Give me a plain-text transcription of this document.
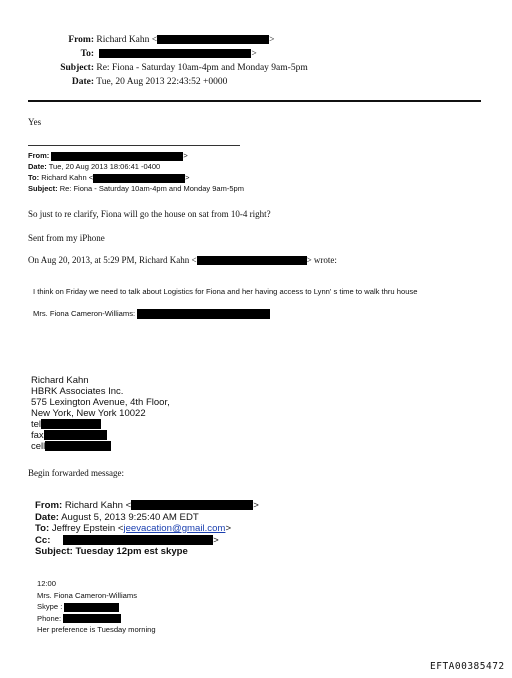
From: Richard Kahn <	>
To:	>
Subject: Re: Fiona - Saturday 10am-4pm and Monday 9am-5pm
Date: Tue, 20 Aug 2013 22:43:52 +0000
Yes
From:	>
Date: Tue, 20 Aug 2013 18:06:41 -0400
To: Richard Kahn <	>
Subject: Re: Fiona - Saturday 10am-4pm and Monday 9am-5pm
So just to re clarify, Fiona will go the house on sat from 10-4 right?
Sent from my iPhone
On Aug 20, 2013, at 5:29 PM, Richard Kahn <	> wrote:
I think on Friday we need to talk about Logistics for Fiona and her having access to Lynn' s time to walk thru house
Mrs. Fiona Cameron-Williams:
Richard Kahn
HBRK Associates Inc.
575 Lexington Avenue, 4th Floor,
New York, New York 10022
tel
fax
cell
Begin forwarded message:
From: Richard Kahn <	>
Date: August 5, 2013 9:25:40 AM EDT
To: Jeffrey Epstein <jeevacation@gmail.com>
Cc:	>
Subject: Tuesday 12pm est skype
12:00
Mrs. Fiona Cameron-Williams
Skype :
Phone:
Her preference is Tuesday morning
EFTA00385472
